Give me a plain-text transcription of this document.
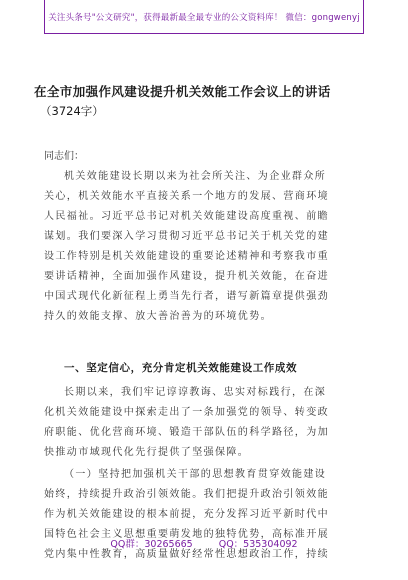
关注头条号"公文研究"，获得最新最全最专业的公文资料库！ 微信：gongwenyj
在全市加强作风建设提升机关效能工作会议上的讲话
（3724字）
同志们：
机关效能建设长期以来为社会所关注、为企业群众所
关心，机关效能水平直接关系一个地方的发展、营商环境
人民福祉。习近平总书记对机关效能建设高度重视、前瞻
谋划。我们要深入学习贯彻习近平总书记关于机关党的建
设工作特别是机关效能建设的重要论述精神和考察我市重
要讲话精神，全面加强作风建设，提升机关效能，在奋进
中国式现代化新征程上勇当先行者，谱写新篇章提供强劲
持久的效能支撑、放大善治善为的环境优势。
一、坚定信心，充分肯定机关效能建设工作成效
长期以来，我们牢记谆谆教诲、忠实对标践行，在深
化机关效能建设中探索走出了一条加强党的领导、转变政
府职能、优化营商环境、锻造干部队伍的科学路径，为加
快推动市域现代化先行提供了坚强保障。
（一）坚持把加强机关干部的思想教育贯穿效能建设
始终，持续提升政治引领效能。我们把提升政治引领效能
作为机关效能建设的根本前提，充分发挥习近平新时代中
国特色社会主义思想重要萌发地的独特优势，高标准开展
党内集中性教育，高质量做好经常性思想政治工作，持续
QQ群：30265665	QQ：535304092
